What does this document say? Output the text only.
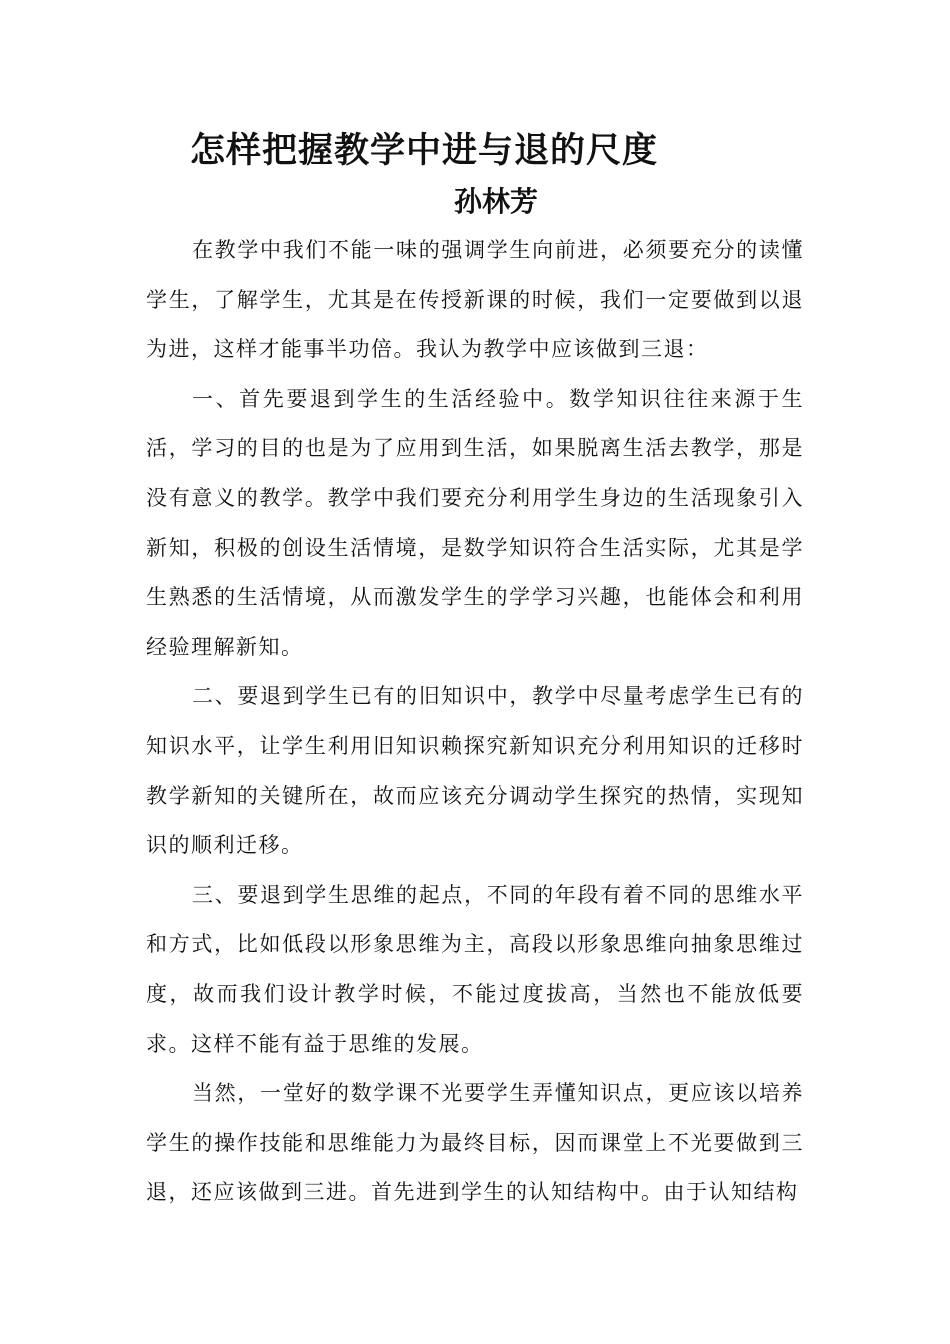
怎样把握教学中进与退的尺度
孙林芳

在教学中我们不能一味的强调学生向前进，必须要充分的读懂学生，了解学生，尤其是在传授新课的时候，我们一定要做到以退为进，这样才能事半功倍。我认为教学中应该做到三退：

一、首先要退到学生的生活经验中。数学知识往往来源于生活，学习的目的也是为了应用到生活，如果脱离生活去教学，那是没有意义的教学。教学中我们要充分利用学生身边的生活现象引入新知，积极的创设生活情境，是数学知识符合生活实际，尤其是学生熟悉的生活情境，从而激发学生的学学习兴趣，也能体会和利用经验理解新知。

二、要退到学生已有的旧知识中，教学中尽量考虑学生已有的知识水平，让学生利用旧知识赖探究新知识充分利用知识的迁移时教学新知的关键所在，故而应该充分调动学生探究的热情，实现知识的顺利迁移。

三、要退到学生思维的起点，不同的年段有着不同的思维水平和方式，比如低段以形象思维为主，高段以形象思维向抽象思维过度，故而我们设计教学时候，不能过度拔高，当然也不能放低要求。这样不能有益于思维的发展。

当然，一堂好的数学课不光要学生弄懂知识点，更应该以培养学生的操作技能和思维能力为最终目标，因而课堂上不光要做到三退，还应该做到三进。首先进到学生的认知结构中。由于认知结构
